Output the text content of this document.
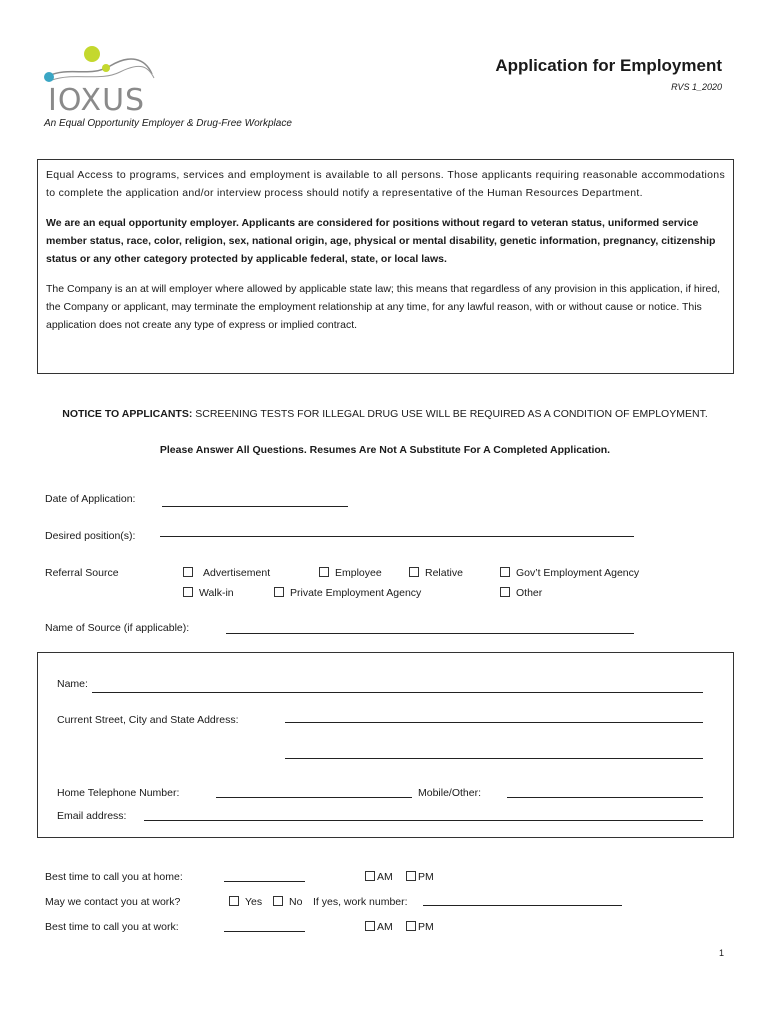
IOXUS
Application for Employment
RVS 1_2020
An Equal Opportunity Employer & Drug-Free Workplace
Equal Access to programs, services and employment is available to all persons. Those applicants requiring reasonable accommodations to complete the application and/or interview process should notify a representative of the Human Resources Department.
We are an equal opportunity employer. Applicants are considered for positions without regard to veteran status, uniformed service member status, race, color, religion, sex, national origin, age, physical or mental disability, genetic information, pregnancy, citizenship status or any other category protected by applicable federal, state, or local laws.
The Company is an at will employer where allowed by applicable state law; this means that regardless of any provision in this application, if hired, the Company or applicant, may terminate the employment relationship at any time, for any lawful reason, with or without cause or notice. This application does not create any type of express or implied contract.
NOTICE TO APPLICANTS: SCREENING TESTS FOR ILLEGAL DRUG USE WILL BE REQUIRED AS A CONDITION OF EMPLOYMENT.
Please Answer All Questions. Resumes Are Not A Substitute For A Completed Application.
Date of Application:
Desired position(s):
Referral Source	Advertisement	Employee	Relative	Gov’t Employment Agency
Walk-in	Private Employment Agency	Other
Name of Source (if applicable):
Name:
Current Street, City and State Address:
Home Telephone Number:	Mobile/Other:
Email address:
Best time to call you at home:	AM	PM
May we contact you at work?	Yes	No If yes, work number:
Best time to call you at work:	AM	PM
1
